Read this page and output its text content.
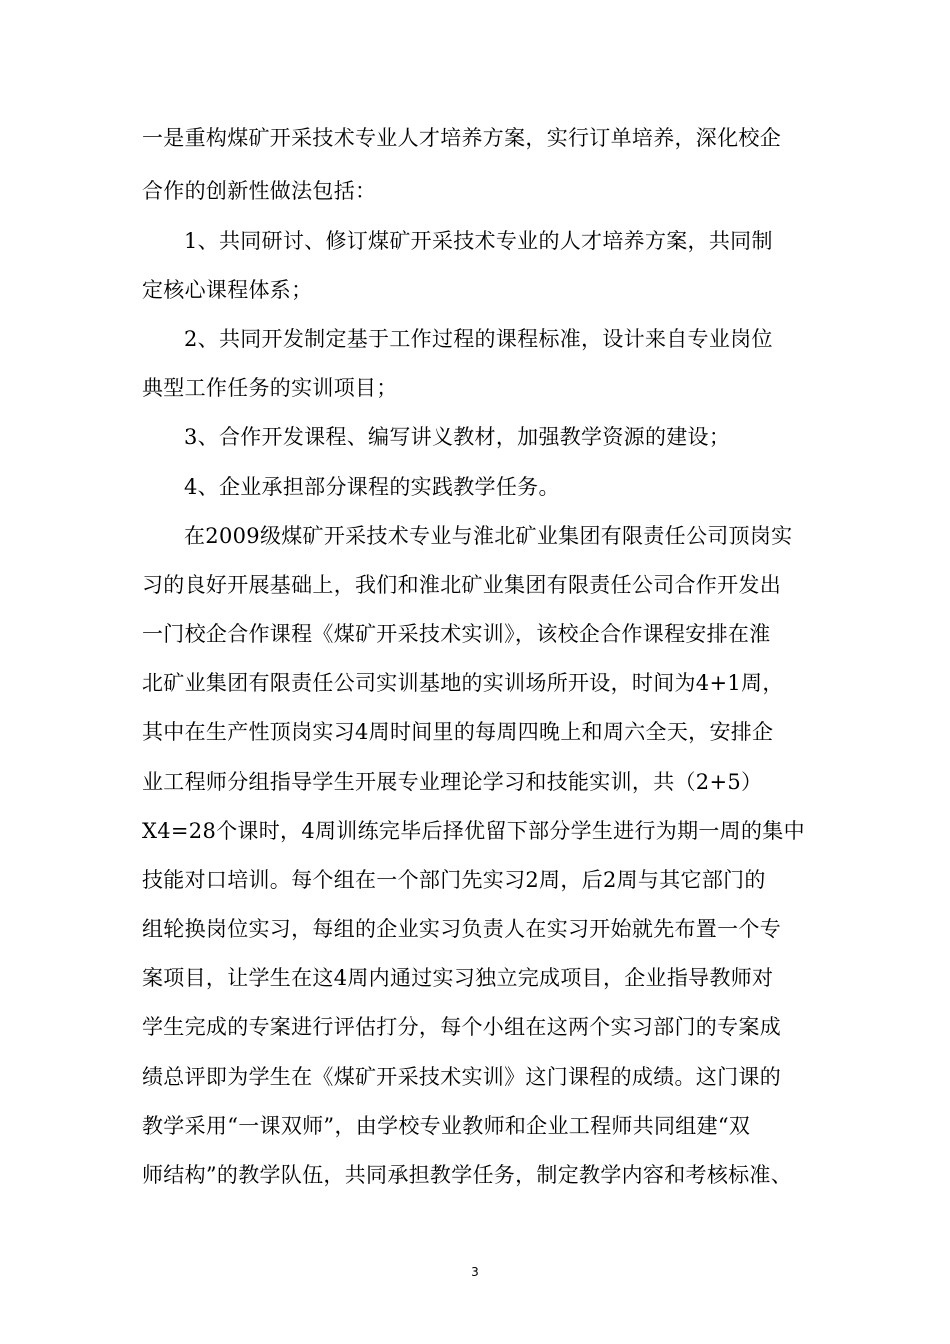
一是重构煤矿开采技术专业人才培养方案，实行订单培养，深化校企
合作的创新性做法包括：
1、共同研讨、修订煤矿开采技术专业的人才培养方案，共同制
定核心课程体系；
2、共同开发制定基于工作过程的课程标准，设计来自专业岗位
典型工作任务的实训项目；
3、合作开发课程、编写讲义教材，加强教学资源的建设；
4、企业承担部分课程的实践教学任务。
在2009级煤矿开采技术专业与淮北矿业集团有限责任公司顶岗实
习的良好开展基础上，我们和淮北矿业集团有限责任公司合作开发出
一门校企合作课程《煤矿开采技术实训》，该校企合作课程安排在淮
北矿业集团有限责任公司实训基地的实训场所开设，时间为4+1周，
其中在生产性顶岗实习4周时间里的每周四晚上和周六全天，安排企
业工程师分组指导学生开展专业理论学习和技能实训，共（2+5）
X4=28个课时，4周训练完毕后择优留下部分学生进行为期一周的集中
技能对口培训。每个组在一个部门先实习2周，后2周与其它部门的
组轮换岗位实习，每组的企业实习负责人在实习开始就先布置一个专
案项目，让学生在这4周内通过实习独立完成项目，企业指导教师对
学生完成的专案进行评估打分，每个小组在这两个实习部门的专案成
绩总评即为学生在《煤矿开采技术实训》这门课程的成绩。这门课的
教学采用“一课双师”，由学校专业教师和企业工程师共同组建“双
师结构”的教学队伍，共同承担教学任务，制定教学内容和考核标准、
3
